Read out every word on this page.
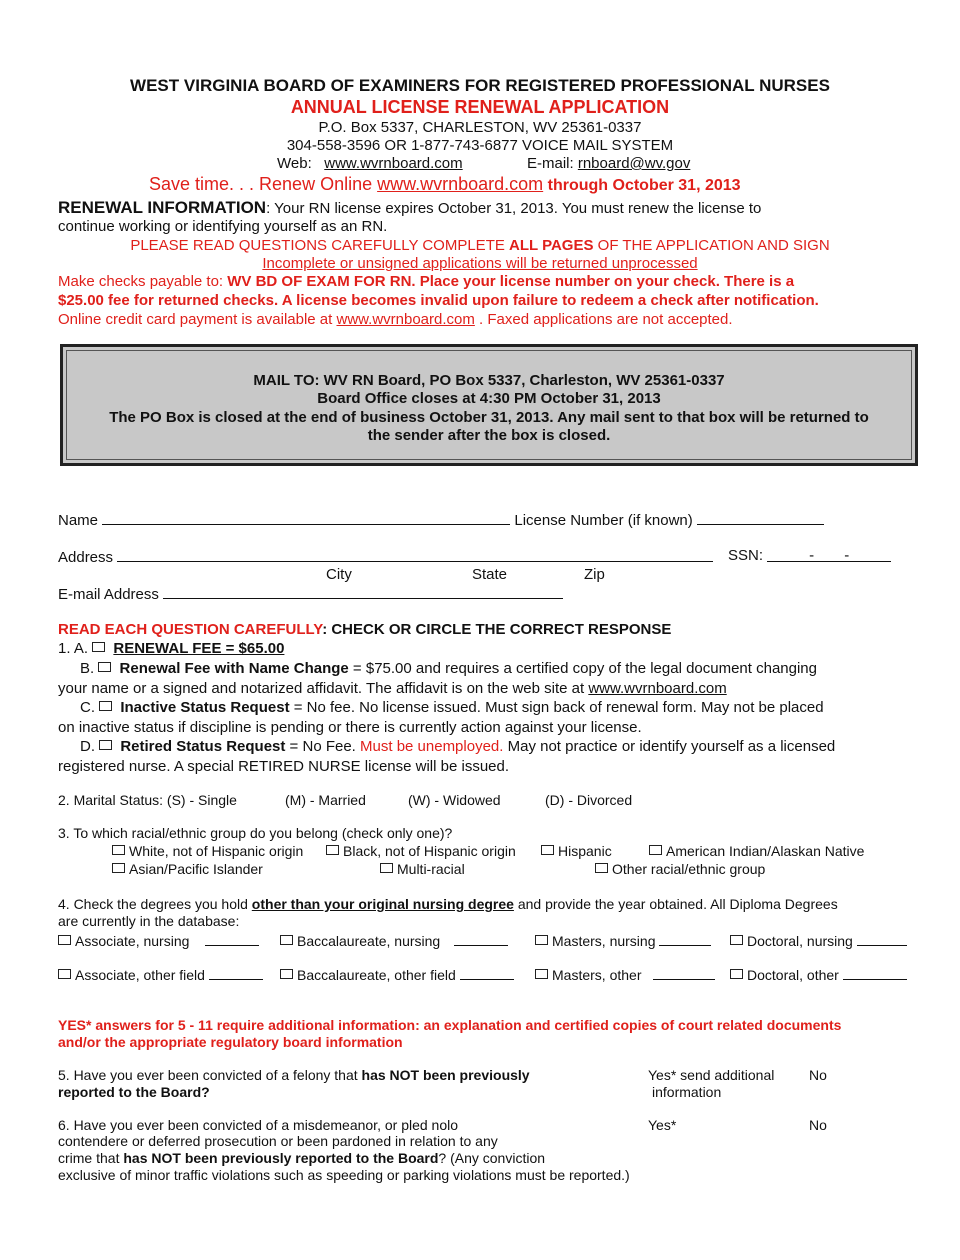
WEST VIRGINIA BOARD OF EXAMINERS FOR REGISTERED PROFESSIONAL NURSES
ANNUAL LICENSE RENEWAL APPLICATION
P.O. Box 5337, CHARLESTON, WV 25361-0337
304-558-3596 OR 1-877-743-6877 VOICE MAIL SYSTEM
Web: www.wvrnboard.com	E-mail: rnboard@wv.gov
Save time. . . Renew Online www.wvrnboard.com through October 31, 2013
RENEWAL INFORMATION: Your RN license expires October 31, 2013. You must renew the license to
continue working or identifying yourself as an RN.
PLEASE READ QUESTIONS CAREFULLY COMPLETE ALL PAGES OF THE APPLICATION AND SIGN
Incomplete or unsigned applications will be returned unprocessed
Make checks payable to: WV BD OF EXAM FOR RN. Place your license number on your check. There is a
$25.00 fee for returned checks. A license becomes invalid upon failure to redeem a check after notification.
Online credit card payment is available at www.wvrnboard.com . Faxed applications are not accepted.
MAIL TO: WV RN Board, PO Box 5337, Charleston, WV 25361-0337
Board Office closes at 4:30 PM October 31, 2013
The PO Box is closed at the end of business October 31, 2013. Any mail sent to that box will be returned to
the sender after the box is closed.
Name	License Number (if known)
Address	SSN:	- -
City	State	Zip
E-mail Address
READ EACH QUESTION CAREFULLY: CHECK OR CIRCLE THE CORRECT RESPONSE
1. A. RENEWAL FEE = $65.00
B. Renewal Fee with Name Change = $75.00 and requires a certified copy of the legal document changing
your name or a signed and notarized affidavit. The affidavit is on the web site at www.wvrnboard.com
C. Inactive Status Request = No fee. No license issued. Must sign back of renewal form. May not be placed
on inactive status if discipline is pending or there is currently action against your license.
D. Retired Status Request = No Fee. Must be unemployed. May not practice or identify yourself as a licensed
registered nurse. A special RETIRED NURSE license will be issued.
2. Marital Status: (S) - Single	(M) - Married	(W) - Widowed	(D) - Divorced
3. To which racial/ethnic group do you belong (check only one)?
White, not of Hispanic origin	Black, not of Hispanic origin	Hispanic	American Indian/Alaskan Native
Asian/Pacific Islander	Multi-racial	Other racial/ethnic group
4. Check the degrees you hold other than your original nursing degree and provide the year obtained. All Diploma Degrees
are currently in the database:
Associate, nursing	Baccalaureate, nursing	Masters, nursing	Doctoral, nursing
Associate, other field	Baccalaureate, other field	Masters, other	Doctoral, other
YES* answers for 5 - 11 require additional information: an explanation and certified copies of court related documents
and/or the appropriate regulatory board information
5. Have you ever been convicted of a felony that has NOT been previously
reported to the Board?
Yes* send additional
information
No
6. Have you ever been convicted of a misdemeanor, or pled nolo
contendere or deferred prosecution or been pardoned in relation to any
crime that has NOT been previously reported to the Board? (Any conviction
exclusive of minor traffic violations such as speeding or parking violations must be reported.)
Yes*	No
